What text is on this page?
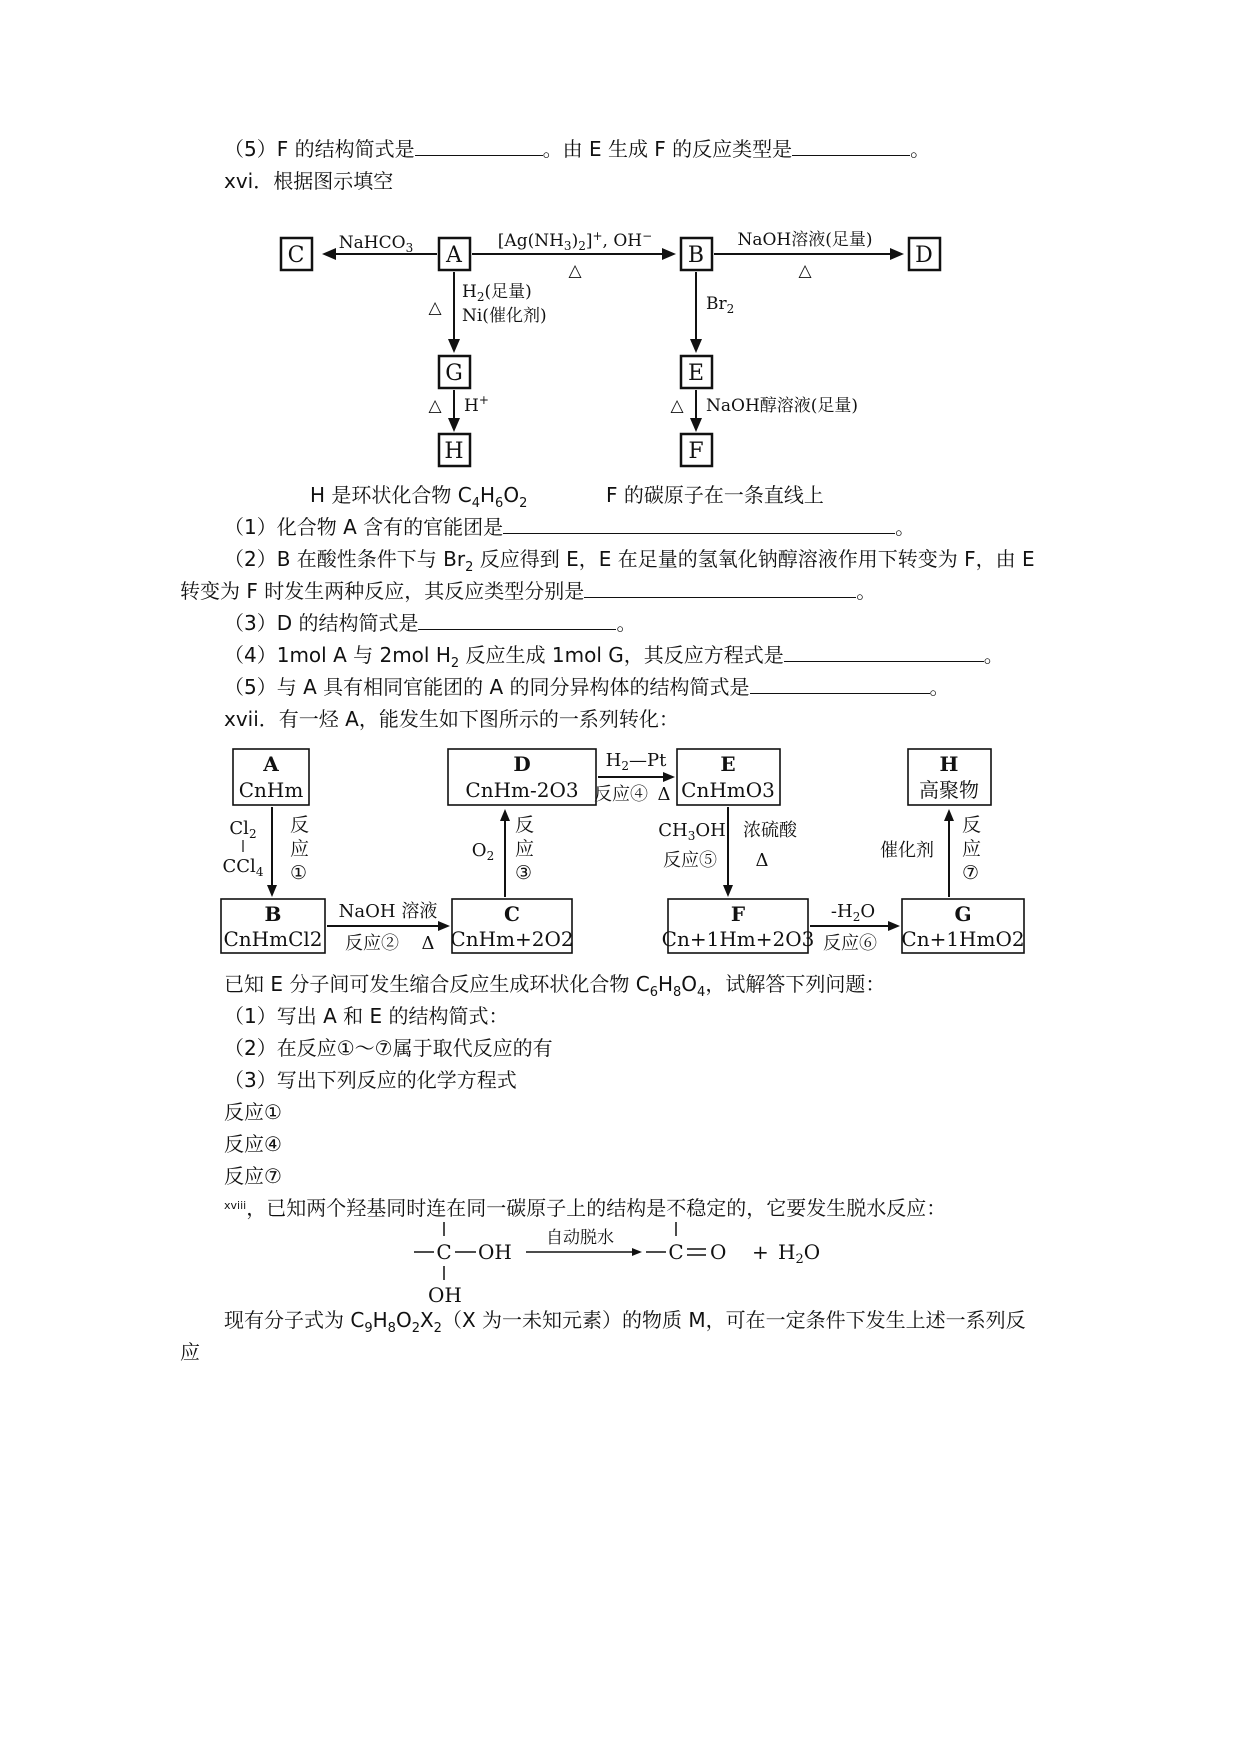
（5）F 的结构简式是	。由 E 生成 F 的反应类型是	。
xvi．根据图示填空
C	A	B	D
G	E
H	F
NaHCO$_3$	$[Ag(NH_3)_2]^+$, OH−
△
NaOH溶液(足量)
△
△
$H_2$(足量)
Ni(催化剂)
$Br_2$
△ H+	△ NaOH醇溶液(足量)
H 是环状化合物 $C_4H_6O_2$	F 的碳原子在一条直线上
（1）化合物 A 含有的官能团是	。
（2）B 在酸性条件下与 $Br_2$ 反应得到 E，E 在足量的氢氧化钠醇溶液作用下转变为 F，由 E
转变为 F 时发生两种反应，其反应类型分别是	。
（3）D 的结构简式是	。
（4）1mol A 与 2mol $H_2$ 反应生成 1mol G，其反应方程式是	。
（5）与 A 具有相同官能团的 A 的同分异构体的结构简式是	。
xvii．有一烃 A，能发生如下图所示的一系列转化：
A
CnHm
D
CnHm-2O3
E
CnHmO3
H
高聚物
B
CnHmCl2
C
CnHm+2O2
F
Cn+1Hm+2O3
G
Cn+1HmO2
$Cl_2$
CCl$_4$
反
应
①
NaOH 溶液
反应② Δ
$O_2$
反
应
③
$H_2—Pt$
反应④ Δ
$CH_3OH$
反应⑤
浓硫酸
Δ
$-H_2O$
反应⑥
催化剂
反
应
⑦
已知 E 分子间可发生缩合反应生成环状化合物 $C_6H_8O_4$，试解答下列问题：
（1）写出 A 和 E 的结构简式：
（2）在反应①～⑦属于取代反应的有
（3）写出下列反应的化学方程式
反应①
反应④
反应⑦
$^{xviii}$，已知两个羟基同时连在同一碳原子上的结构是不稳定的，它要发生脱水反应：
C OH
OH
自动脱水
C $O + H_2O$
现有分子式为 $C_9H_8O_2X_2(X$ 为一未知元素）的物质 M，可在一定条件下发生上述一系列反
应
